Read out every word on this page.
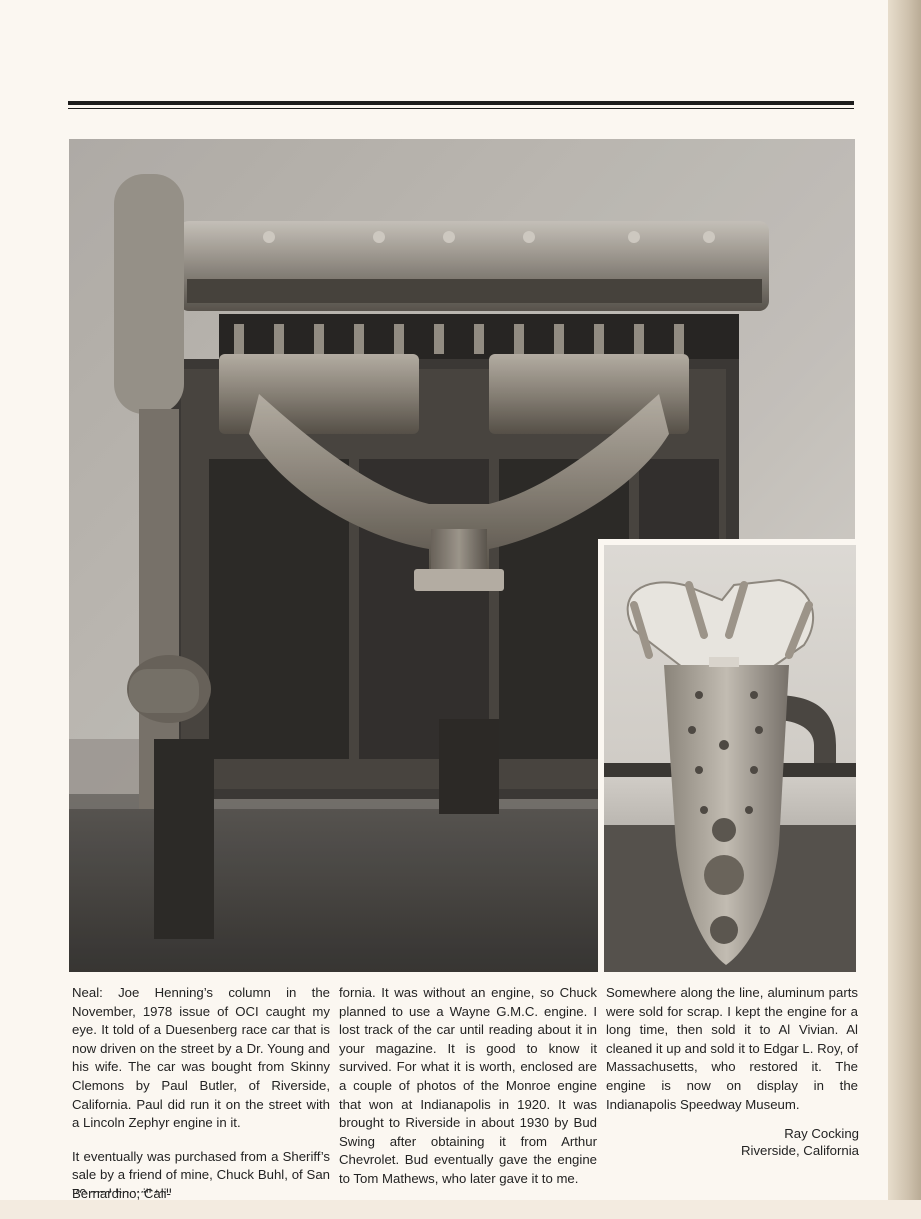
Neal: Joe Henning’s column in the November, 1978 issue of OCI caught my eye. It told of a Duesenberg race car that is now driven on the street by a Dr. Young and his wife. The car was bought from Skinny Clemons by Paul Butler, of Riverside, California. Paul did run it on the street with a Lincoln Zephyr engine in it.

It eventually was purchased from a Sheriff’s sale by a friend of mine, Chuck Buhl, of San Bernardino, Cali-

fornia. It was without an engine, so Chuck planned to use a Wayne G.M.C. engine. I lost track of the car until reading about it in your magazine. It is good to know it survived. For what it is worth, enclosed are a couple of photos of the Monroe engine that won at Indianapolis in 1920. It was brought to Riverside in about 1930 by Bud Swing after obtaining it from Arthur Chevrolet. Bud eventually gave the engine to Tom Mathews, who later gave it to me.

Somewhere along the line, aluminum parts were sold for scrap. I kept the engine for a long time, then sold it to Al Vivian. Al cleaned it up and sold it to Edgar L. Roy, of Massachusetts, who restored it. The engine is now on display in the Indianapolis Speedway Museum.

Ray Cocking
Riverside, California
